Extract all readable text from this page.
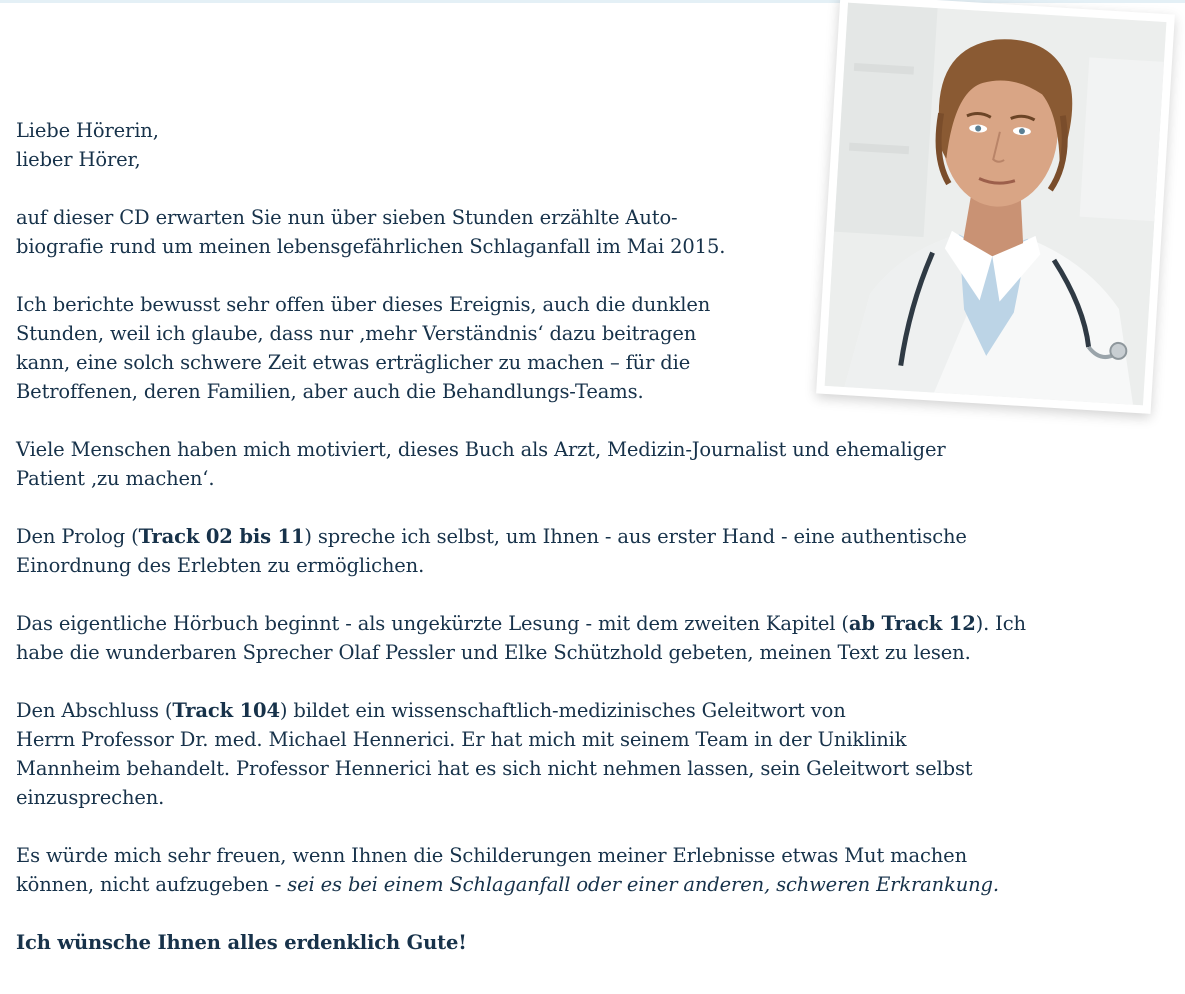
Liebe Hörerin,
lieber Hörer,

auf dieser CD erwarten Sie nun über sieben Stunden erzählte Auto-
biografie rund um meinen lebensgefährlichen Schlaganfall im Mai 2015.

Ich berichte bewusst sehr offen über dieses Ereignis, auch die dunklen
Stunden, weil ich glaube, dass nur ‚mehr Verständnis‘ dazu beitragen
kann, eine solch schwere Zeit etwas erträglicher zu machen – für die
Betroffenen, deren Familien, aber auch die Behandlungs-Teams.

Viele Menschen haben mich motiviert, dieses Buch als Arzt, Medizin-Journalist und ehemaliger
Patient ‚zu machen‘.

Den Prolog (Track 02 bis 11) spreche ich selbst, um Ihnen - aus erster Hand - eine authentische
Einordnung des Erlebten zu ermöglichen.

Das eigentliche Hörbuch beginnt - als ungekürzte Lesung - mit dem zweiten Kapitel (ab Track 12). Ich
habe die wunderbaren Sprecher Olaf Pessler und Elke Schützhold gebeten, meinen Text zu lesen.

Den Abschluss (Track 104) bildet ein wissenschaftlich-medizinisches Geleitwort von
Herrn Professor Dr. med. Michael Hennerici. Er hat mich mit seinem Team in der Uniklinik
Mannheim behandelt. Professor Hennerici hat es sich nicht nehmen lassen, sein Geleitwort selbst
einzusprechen.

Es würde mich sehr freuen, wenn Ihnen die Schilderungen meiner Erlebnisse etwas Mut machen
können, nicht aufzugeben - sei es bei einem Schlaganfall oder einer anderen, schweren Erkrankung.

Ich wünsche Ihnen alles erdenklich Gute!
